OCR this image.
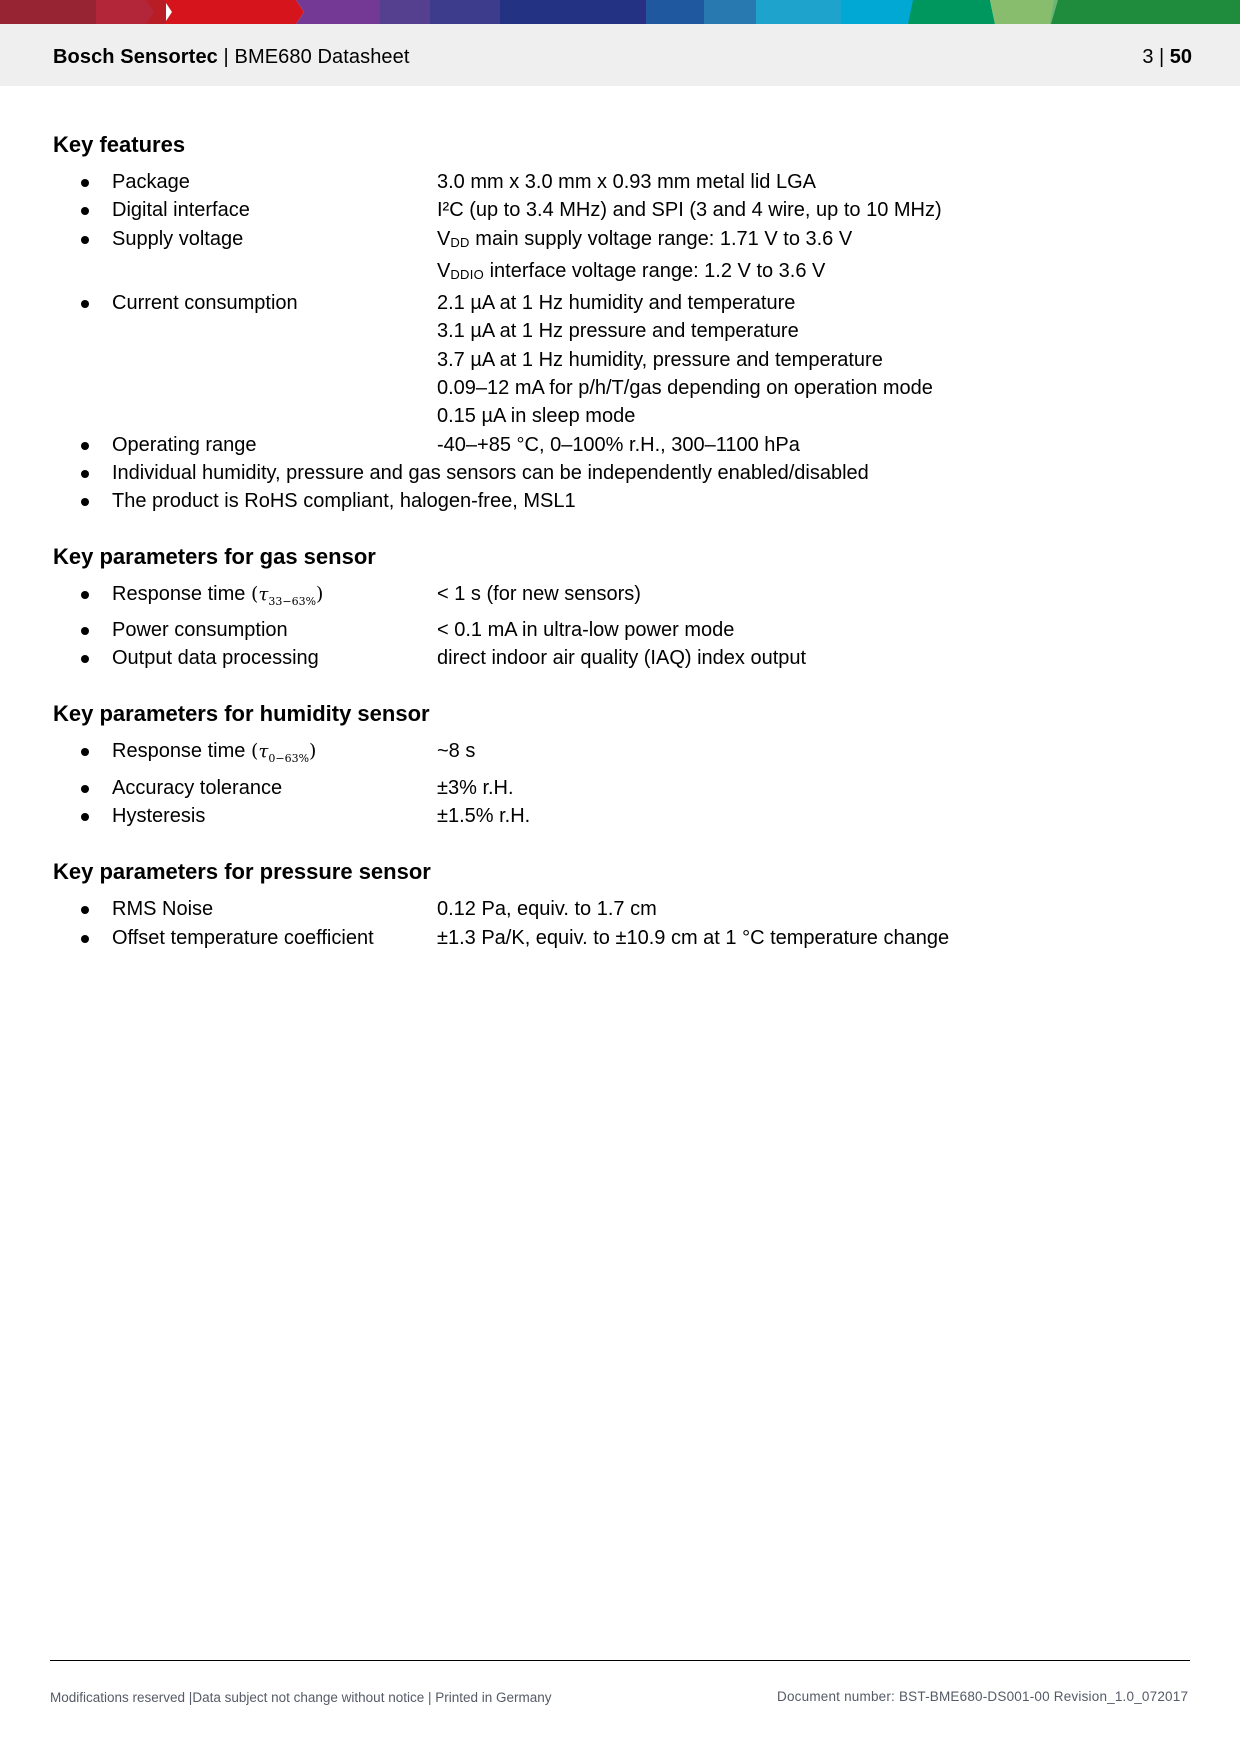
Bosch Sensortec | BME680 Datasheet	3 | 50
Key features
Package	3.0 mm x 3.0 mm x 0.93 mm metal lid LGA
Digital interface	I²C (up to 3.4 MHz) and SPI (3 and 4 wire, up to 10 MHz)
Supply voltage	VDD main supply voltage range: 1.71 V to 3.6 V
VDDIO interface voltage range: 1.2 V to 3.6 V
Current consumption	2.1 µA at 1 Hz humidity and temperature
3.1 µA at 1 Hz pressure and temperature
3.7 µA at 1 Hz humidity, pressure and temperature
0.09–12 mA for p/h/T/gas depending on operation mode
0.15 µA in sleep mode
Operating range	-40–+85 °C, 0–100% r.H., 300–1100 hPa
Individual humidity, pressure and gas sensors can be independently enabled/disabled
The product is RoHS compliant, halogen-free, MSL1
Key parameters for gas sensor
Response time $(\tau_{33-63\%})$	< 1 s (for new sensors)
Power consumption	< 0.1 mA in ultra-low power mode
Output data processing	direct indoor air quality (IAQ) index output
Key parameters for humidity sensor
Response time $(\tau_{0-63\%})$	~8 s
Accuracy tolerance	±3% r.H.
Hysteresis	±1.5% r.H.
Key parameters for pressure sensor
RMS Noise	0.12 Pa, equiv. to 1.7 cm
Offset temperature coefficient	±1.3 Pa/K, equiv. to ±10.9 cm at 1 °C temperature change
Modifications reserved |Data subject not change without notice | Printed in Germany	Document number: BST-BME680-DS001-00 Revision_1.0_072017
